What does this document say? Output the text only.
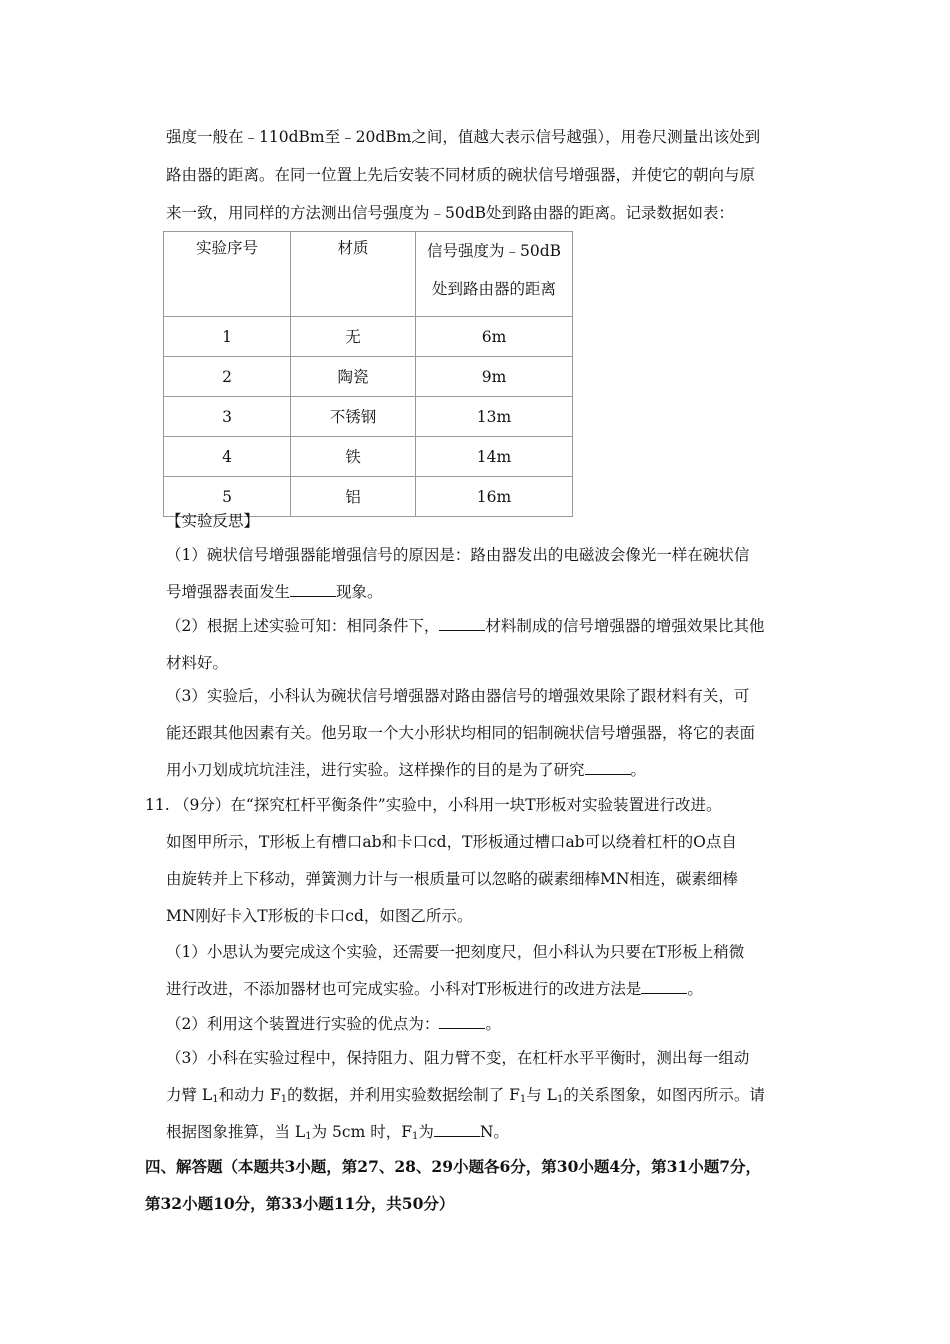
强度一般在﹣110dBm至﹣20dBm之间，值越大表示信号越强），用卷尺测量出该处到
路由器的距离。在同一位置上先后安装不同材质的碗状信号增强器，并使它的朝向与原
来一致，用同样的方法测出信号强度为﹣50dB处到路由器的距离。记录数据如表：
实验序号	材质	信号强度为﹣50dB
处到路由器的距离
1	无	6m
2	陶瓷	9m
3	不锈钢	13m
4	铁	14m
5	铝	16m
【实验反思】
（1）碗状信号增强器能增强信号的原因是：路由器发出的电磁波会像光一样在碗状信
号增强器表面发生	现象。
（2）根据上述实验可知：相同条件下，	材料制成的信号增强器的增强效果比其他
材料好。
（3）实验后，小科认为碗状信号增强器对路由器信号的增强效果除了跟材料有关，可
能还跟其他因素有关。他另取一个大小形状均相同的铝制碗状信号增强器，将它的表面
用小刀划成坑坑洼洼，进行实验。这样操作的目的是为了研究	。
11. （9分）在“探究杠杆平衡条件”实验中，小科用一块T形板对实验装置进行改进。
如图甲所示，T形板上有槽口ab和卡口cd，T形板通过槽口ab可以绕着杠杆的O点自
由旋转并上下移动，弹簧测力计与一根质量可以忽略的碳素细棒MN相连，碳素细棒
MN刚好卡入T形板的卡口cd，如图乙所示。
（1）小思认为要完成这个实验，还需要一把刻度尺，但小科认为只要在T形板上稍微
进行改进，不添加器材也可完成实验。小科对T形板进行的改进方法是	。
（2）利用这个装置进行实验的优点为：	。
（3）小科在实验过程中，保持阻力、阻力臂不变，在杠杆水平平衡时，测出每一组动
力臂 $L_1$和动力 $F_1$的数据，并利用实验数据绘制了 $F_1$与 $L_1$的关系图象，如图丙所示。请
根据图象推算，当 $L_1$为 5cm 时，$F_1$为	N。
四、解答题（本题共3小题，第27、28、29小题各6分，第30小题4分，第31小题7分，
第32小题10分，第33小题11分，共50分）
